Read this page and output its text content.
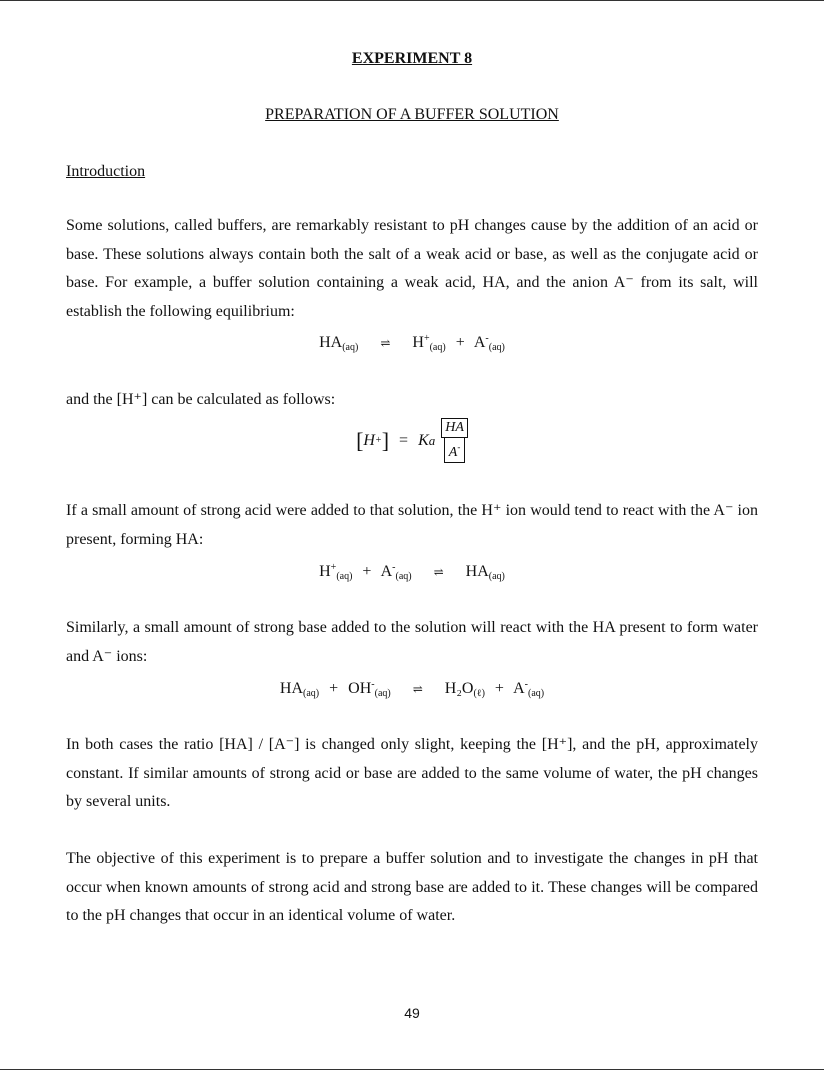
EXPERIMENT 8
PREPARATION OF A BUFFER SOLUTION
Introduction
Some solutions, called buffers, are remarkably resistant to pH changes cause by the addition of an acid or base. These solutions always contain both the salt of a weak acid or base, as well as the conjugate acid or base. For example, a buffer solution containing a weak acid, HA, and the anion A⁻ from its salt, will establish the following equilibrium:
$HA_{(aq)}$ ⇌ $H^+_{(aq)} + A^-_{(aq)}$
and the [H⁺] can be calculated as follows:
[ H + ] = K a $\frac{HA}{A^-}$
If a small amount of strong acid were added to that solution, the H⁺ ion would tend to react with the A⁻ ion present, forming HA:
$H^+_{(aq)} + A^-_{(aq)}$ ⇌ $HA_{(aq)}$
Similarly, a small amount of strong base added to the solution will react with the HA present to form water and A⁻ ions:
$HA_{(aq)} + OH^-_{(aq)}$ ⇌ $H_2O_{(\ell)} + A^-_{(aq)}$
In both cases the ratio [HA] / [A⁻] is changed only slight, keeping the [H⁺], and the pH, approximately constant. If similar amounts of strong acid or base are added to the same volume of water, the pH changes by several units.
The objective of this experiment is to prepare a buffer solution and to investigate the changes in pH that occur when known amounts of strong acid and strong base are added to it. These changes will be compared to the pH changes that occur in an identical volume of water.
49
